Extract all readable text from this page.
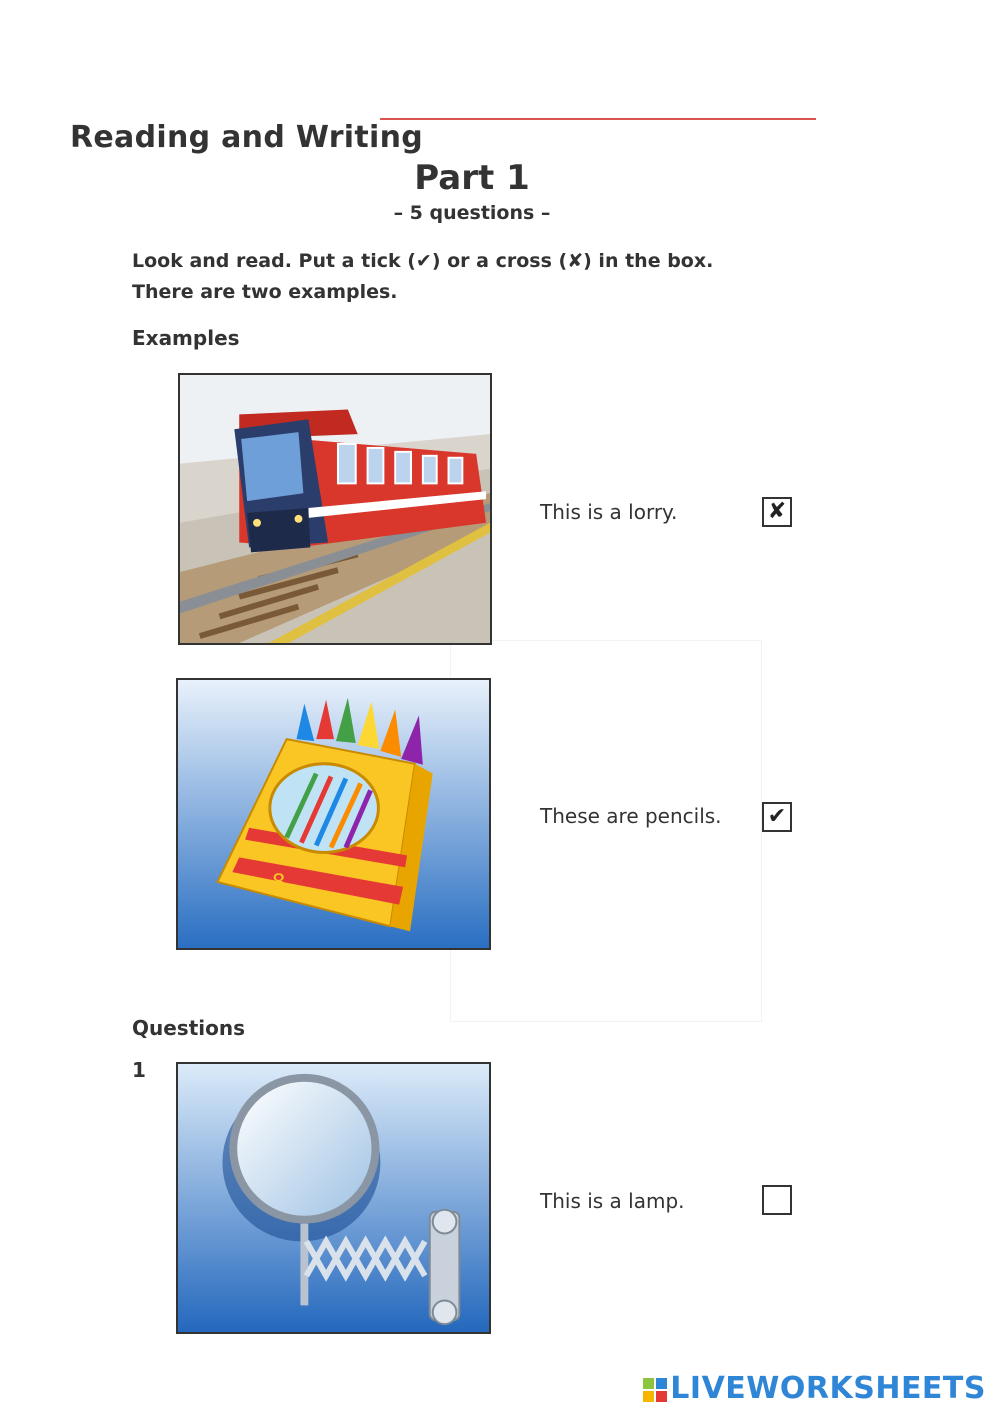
Reading and Writing
Part 1
– 5 questions –
Look and read. Put a tick (✔) or a cross (✘) in the box.
There are two examples.
Examples
This is a lorry.	✘
8
These are pencils. ✔
Questions
1
This is a lamp.
LIVEWORKSHEETS
